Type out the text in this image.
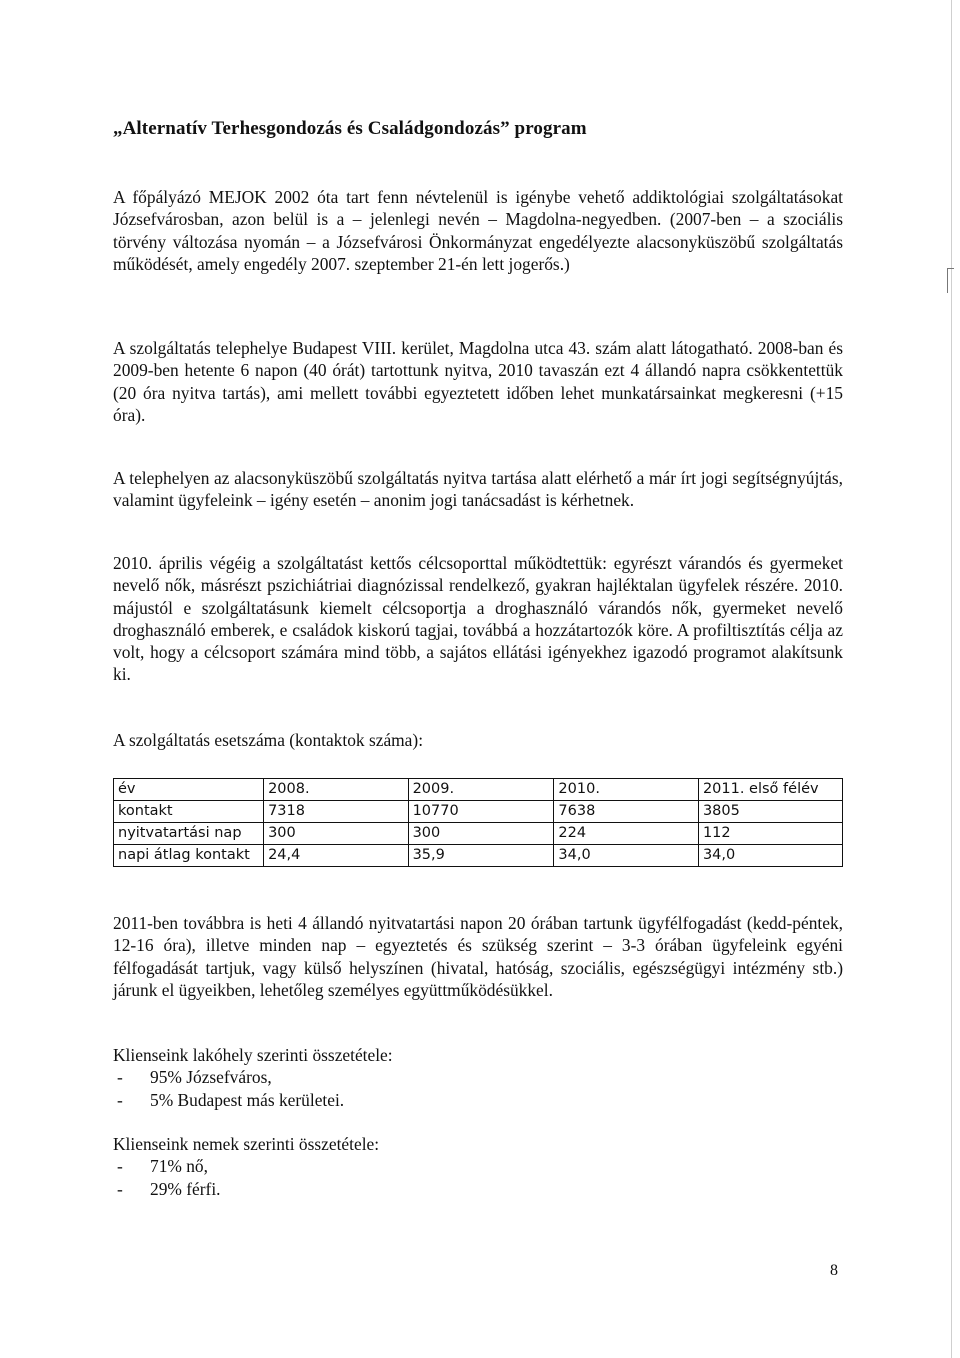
„Alternatív Terhesgondozás és Családgondozás” program

A főpályázó MEJOK 2002 óta tart fenn névtelenül is igénybe vehető addiktológiai szolgáltatásokat Józsefvárosban, azon belül is a – jelenlegi nevén – Magdolna-negyedben. (2007-ben – a szociális törvény változása nyomán – a Józsefvárosi Önkormányzat engedélyezte alacsonyküszöbű szolgáltatás működését, amely engedély 2007. szeptember 21-én lett jogerős.)

A szolgáltatás telephelye Budapest VIII. kerület, Magdolna utca 43. szám alatt látogatható. 2008-ban és 2009-ben hetente 6 napon (40 órát) tartottunk nyitva, 2010 tavaszán ezt 4 állandó napra csökkentettük (20 óra nyitva tartás), ami mellett további egyeztetett időben lehet munkatársainkat megkeresni (+15 óra).

A telephelyen az alacsonyküszöbű szolgáltatás nyitva tartása alatt elérhető a már írt jogi segítségnyújtás, valamint ügyfeleink – igény esetén – anonim jogi tanácsadást is kérhetnek.

2010. április végéig a szolgáltatást kettős célcsoporttal működtettük: egyrészt várandós és gyermeket nevelő nők, másrészt pszichiátriai diagnózissal rendelkező, gyakran hajléktalan ügyfelek részére. 2010. májustól e szolgáltatásunk kiemelt célcsoportja a droghasználó várandós nők, gyermeket nevelő droghasználó emberek, e családok kiskorú tagjai, továbbá a hozzátartozók köre. A profiltisztítás célja az volt, hogy a célcsoport számára mind több, a sajátos ellátási igényekhez igazodó programot alakítsunk ki.

A szolgáltatás esetszáma (kontaktok száma):

év	2008.	2009.	2010.	2011. első félév
kontakt	7318	10770	7638	3805
nyitvatartási nap	300	300	224	112
napi átlag kontakt	24,4	35,9	34,0	34,0

2011-ben továbbra is heti 4 állandó nyitvatartási napon 20 órában tartunk ügyfélfogadást (kedd-péntek, 12-16 óra), illetve minden nap – egyeztetés és szükség szerint – 3-3 órában ügyfeleink egyéni félfogadását tartjuk, vagy külső helyszínen (hivatal, hatóság, szociális, egészségügyi intézmény stb.) járunk el ügyeikben, lehetőleg személyes együttműködésükkel.

Klienseink lakóhely szerinti összetétele:

-	95% Józsefváros,

-	5% Budapest más kerületei.

Klienseink nemek szerinti összetétele:

-	71% nő,

-	29% férfi.

8
